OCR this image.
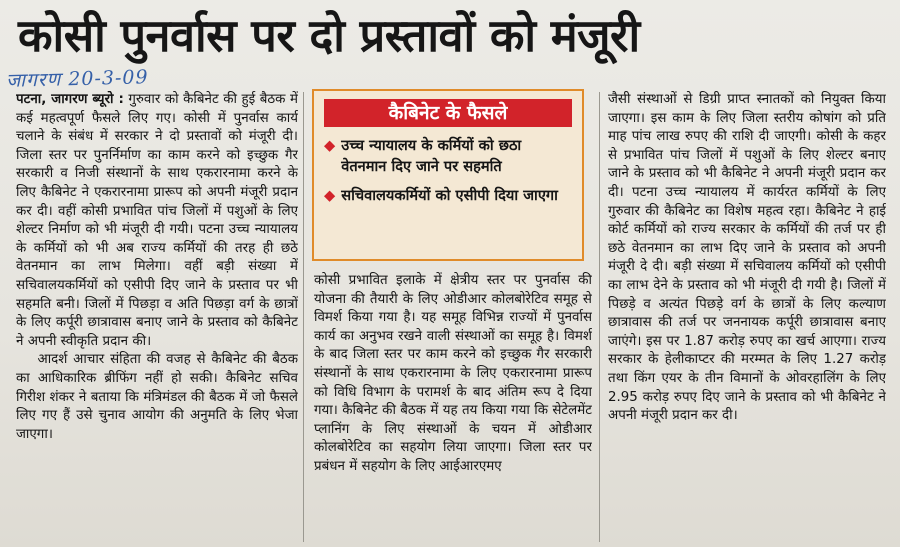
कोसी पुनर्वास पर दो प्रस्तावों को मंजूरी
जागरण 20-3-09

पटना, जागरण ब्यूरो : गुरुवार को कैबिनेट की हुई बैठक में कई महत्वपूर्ण फैसले लिए गए। कोसी में पुनर्वास कार्य चलाने के संबंध में सरकार ने दो प्रस्तावों को मंजूरी दी। जिला स्तर पर पुनर्निर्माण का काम करने को इच्छुक गैर सरकारी व निजी संस्थानों के साथ एकरारनामा करने के लिए कैबिनेट ने एकरारनामा प्रारूप को अपनी मंजूरी प्रदान कर दी। वहीं कोसी प्रभावित पांच जिलों में पशुओं के लिए शेल्टर निर्माण को भी मंजूरी दी गयी। पटना उच्च न्यायालय के कर्मियों को भी अब राज्य कर्मियों की तरह ही छठे वेतनमान का लाभ मिलेगा। वहीं बड़ी संख्या में सचिवालयकर्मियों को एसीपी दिए जाने के प्रस्ताव पर भी सहमति बनी। जिलों में पिछड़ा व अति पिछड़ा वर्ग के छात्रों के लिए कर्पूरी छात्रावास बनाए जाने के प्रस्ताव को कैबिनेट ने अपनी स्वीकृति प्रदान की।

आदर्श आचार संहिता की वजह से कैबिनेट की बैठक का आधिकारिक ब्रीफिंग नहीं हो सकी। कैबिनेट सचिव गिरीश शंकर ने बताया कि मंत्रिमंडल की बैठक में जो फैसले लिए गए हैं उसे चुनाव आयोग की अनुमति के लिए भेजा जाएगा।

कैबिनेट के फैसले
◆ उच्च न्यायालय के कर्मियों को छठा वेतनमान दिए जाने पर सहमति
◆ सचिवालयकर्मियों को एसीपी दिया जाएगा

कोसी प्रभावित इलाके में क्षेत्रीय स्तर पर पुनर्वास की योजना की तैयारी के लिए ओडीआर कोलबोरेटिव समूह से विमर्श किया गया है। यह समूह विभिन्न राज्यों में पुनर्वास कार्य का अनुभव रखने वाली संस्थाओं का समूह है। विमर्श के बाद जिला स्तर पर काम करने को इच्छुक गैर सरकारी संस्थानों के साथ एकरारनामा के लिए एकरारनामा प्रारूप को विधि विभाग के परामर्श के बाद अंतिम रूप दे दिया गया। कैबिनेट की बैठक में यह तय किया गया कि सेटेलमेंट प्लानिंग के लिए संस्थाओं के चयन में ओडीआर कोलबोरेटिव का सहयोग लिया जाएगा। जिला स्तर पर प्रबंधन में सहयोग के लिए आईआरएमए

जैसी संस्थाओं से डिग्री प्राप्त स्नातकों को नियुक्त किया जाएगा। इस काम के लिए जिला स्तरीय कोषांग को प्रति माह पांच लाख रुपए की राशि दी जाएगी। कोसी के कहर से प्रभावित पांच जिलों में पशुओं के लिए शेल्टर बनाए जाने के प्रस्ताव को भी कैबिनेट ने अपनी मंजूरी प्रदान कर दी। पटना उच्च न्यायालय में कार्यरत कर्मियों के लिए गुरुवार की कैबिनेट का विशेष महत्व रहा। कैबिनेट ने हाई कोर्ट कर्मियों को राज्य सरकार के कर्मियों की तर्ज पर ही छठे वेतनमान का लाभ दिए जाने के प्रस्ताव को अपनी मंजूरी दे दी। बड़ी संख्या में सचिवालय कर्मियों को एसीपी का लाभ देने के प्रस्ताव को भी मंजूरी दी गयी है। जिलों में पिछड़े व अत्यंत पिछड़े वर्ग के छात्रों के लिए कल्याण छात्रावास की तर्ज पर जननायक कर्पूरी छात्रावास बनाए जाएंगे। इस पर 1.87 करोड़ रुपए का खर्च आएगा। राज्य सरकार के हेलीकाप्टर की मरम्मत के लिए 1.27 करोड़ तथा किंग एयर के तीन विमानों के ओवरहालिंग के लिए 2.95 करोड़ रुपए दिए जाने के प्रस्ताव को भी कैबिनेट ने अपनी मंजूरी प्रदान कर दी।
